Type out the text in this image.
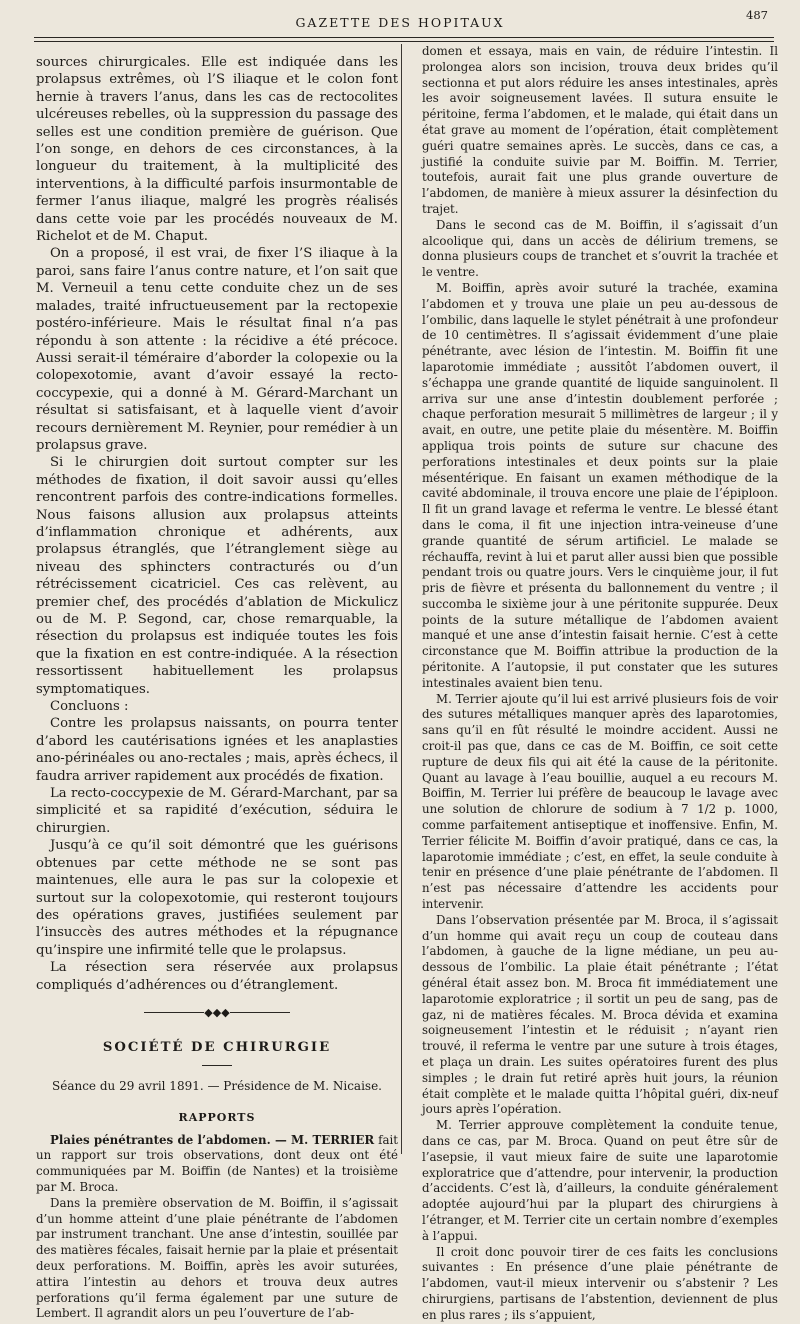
GAZETTE DES HOPITAUX	487

sources chirurgicales. Elle est indiquée dans les prolapsus extrêmes, où l’S iliaque et le colon font hernie à travers l’anus, dans les cas de rectocolites ulcéreuses rebelles, où la suppression du passage des selles est une condition première de guérison. Que l’on songe, en dehors de ces circonstances, à la longueur du traitement, à la multiplicité des interventions, à la difficulté parfois insurmontable de fermer l’anus iliaque, malgré les progrès réalisés dans cette voie par les procédés nouveaux de M. Richelot et de M. Chaput.

On a proposé, il est vrai, de fixer l’S iliaque à la paroi, sans faire l’anus contre nature, et l’on sait que M. Verneuil a tenu cette conduite chez un de ses malades, traité infructueusement par la rectopexie postéro-inférieure. Mais le résultat final n’a pas répondu à son attente : la récidive a été précoce. Aussi serait-il téméraire d’aborder la colopexie ou la colopexotomie, avant d’avoir essayé la recto-coccypexie, qui a donné à M. Gérard-Marchant un résultat si satisfaisant, et à laquelle vient d’avoir recours dernièrement M. Reynier, pour remédier à un prolapsus grave.

Si le chirurgien doit surtout compter sur les méthodes de fixation, il doit savoir aussi qu’elles rencontrent parfois des contre-indications formelles. Nous faisons allusion aux prolapsus atteints d’inflammation chronique et adhérents, aux prolapsus étranglés, que l’étranglement siège au niveau des sphincters contracturés ou d’un rétrécissement cicatriciel. Ces cas relèvent, au premier chef, des procédés d’ablation de Mickulicz ou de M. P. Segond, car, chose remarquable, la résection du prolapsus est indiquée toutes les fois que la fixation en est contre-indiquée. A la résection ressortissent habituellement les prolapsus symptomatiques.

Concluons :

Contre les prolapsus naissants, on pourra tenter d’abord les cautérisations ignées et les anaplasties ano-périnéales ou ano-rectales ; mais, après échecs, il faudra arriver rapidement aux procédés de fixation.

La recto-coccypexie de M. Gérard-Marchant, par sa simplicité et sa rapidité d’exécution, séduira le chirurgien.

Jusqu’à ce qu’il soit démontré que les guérisons obtenues par cette méthode ne se sont pas maintenues, elle aura le pas sur la colopexie et surtout sur la colopexotomie, qui resteront toujours des opérations graves, justifiées seulement par l’insuccès des autres méthodes et la répugnance qu’inspire une infirmité telle que le prolapsus.

La résection sera réservée aux prolapsus compliqués d’adhérences ou d’étranglement.

◆◆◆
SOCIÉTÉ DE CHIRURGIE
Séance du 29 avril 1891. — Présidence de M. Nicaise.
RAPPORTS

Plaies pénétrantes de l’abdomen. — M. TERRIER fait un rapport sur trois observations, dont deux ont été communiquées par M. Boiffin (de Nantes) et la troisième par M. Broca.

Dans la première observation de M. Boiffin, il s’agissait d’un homme atteint d’une plaie pénétrante de l’abdomen par instrument tranchant. Une anse d’intestin, souillée par des matières fécales, faisait hernie par la plaie et présentait deux perforations. M. Boiffin, après les avoir suturées, attira l’intestin au dehors et trouva deux autres perforations qu’il ferma également par une suture de Lembert. Il agrandit alors un peu l’ouverture de l’ab-

domen et essaya, mais en vain, de réduire l’intestin. Il prolongea alors son incision, trouva deux brides qu’il sectionna et put alors réduire les anses intestinales, après les avoir soigneusement lavées. Il sutura ensuite le péritoine, ferma l’abdomen, et le malade, qui était dans un état grave au moment de l’opération, était complètement guéri quatre semaines après. Le succès, dans ce cas, a justifié la conduite suivie par M. Boiffin. M. Terrier, toutefois, aurait fait une plus grande ouverture de l’abdomen, de manière à mieux assurer la désinfection du trajet.

Dans le second cas de M. Boiffin, il s’agissait d’un alcoolique qui, dans un accès de délirium tremens, se donna plusieurs coups de tranchet et s’ouvrit la trachée et le ventre.

M. Boiffin, après avoir suturé la trachée, examina l’abdomen et y trouva une plaie un peu au-dessous de l’ombilic, dans laquelle le stylet pénétrait à une profondeur de 10 centimètres. Il s’agissait évidemment d’une plaie pénétrante, avec lésion de l’intestin. M. Boiffin fit une laparotomie immédiate ; aussitôt l’abdomen ouvert, il s’échappa une grande quantité de liquide sanguinolent. Il arriva sur une anse d’intestin doublement perforée ; chaque perforation mesurait 5 millimètres de largeur ; il y avait, en outre, une petite plaie du mésentère. M. Boiffin appliqua trois points de suture sur chacune des perforations intestinales et deux points sur la plaie mésentérique. En faisant un examen méthodique de la cavité abdominale, il trouva encore une plaie de l’épiploon. Il fit un grand lavage et referma le ventre. Le blessé étant dans le coma, il fit une injection intra-veineuse d’une grande quantité de sérum artificiel. Le malade se réchauffa, revint à lui et parut aller aussi bien que possible pendant trois ou quatre jours. Vers le cinquième jour, il fut pris de fièvre et présenta du ballonnement du ventre ; il succomba le sixième jour à une péritonite suppurée. Deux points de la suture métallique de l’abdomen avaient manqué et une anse d’intestin faisait hernie. C’est à cette circonstance que M. Boiffin attribue la production de la péritonite. A l’autopsie, il put constater que les sutures intestinales avaient bien tenu.

M. Terrier ajoute qu’il lui est arrivé plusieurs fois de voir des sutures métalliques manquer après des laparotomies, sans qu’il en fût résulté le moindre accident. Aussi ne croit-il pas que, dans ce cas de M. Boiffin, ce soit cette rupture de deux fils qui ait été la cause de la péritonite. Quant au lavage à l’eau bouillie, auquel a eu recours M. Boiffin, M. Terrier lui préfère de beaucoup le lavage avec une solution de chlorure de sodium à 7 1/2 p. 1000, comme parfaitement antiseptique et inoffensive. Enfin, M. Terrier félicite M. Boiffin d’avoir pratiqué, dans ce cas, la laparotomie immédiate ; c’est, en effet, la seule conduite à tenir en présence d’une plaie pénétrante de l’abdomen. Il n’est pas nécessaire d’attendre les accidents pour intervenir.

Dans l’observation présentée par M. Broca, il s’agissait d’un homme qui avait reçu un coup de couteau dans l’abdomen, à gauche de la ligne médiane, un peu au-dessous de l’ombilic. La plaie était pénétrante ; l’état général était assez bon. M. Broca fit immédiatement une laparotomie exploratrice ; il sortit un peu de sang, pas de gaz, ni de matières fécales. M. Broca dévida et examina soigneusement l’intestin et le réduisit ; n’ayant rien trouvé, il referma le ventre par une suture à trois étages, et plaça un drain. Les suites opératoires furent des plus simples ; le drain fut retiré après huit jours, la réunion était complète et le malade quitta l’hôpital guéri, dix-neuf jours après l’opération.

M. Terrier approuve complètement la conduite tenue, dans ce cas, par M. Broca. Quand on peut être sûr de l’asepsie, il vaut mieux faire de suite une laparotomie exploratrice que d’attendre, pour intervenir, la production d’accidents. C’est là, d’ailleurs, la conduite généralement adoptée aujourd’hui par la plupart des chirurgiens à l’étranger, et M. Terrier cite un certain nombre d’exemples à l’appui.

Il croit donc pouvoir tirer de ces faits les conclusions suivantes : En présence d’une plaie pénétrante de l’abdomen, vaut-il mieux intervenir ou s’abstenir ? Les chirurgiens, partisans de l’abstention, deviennent de plus en plus rares ; ils s’appuient,
